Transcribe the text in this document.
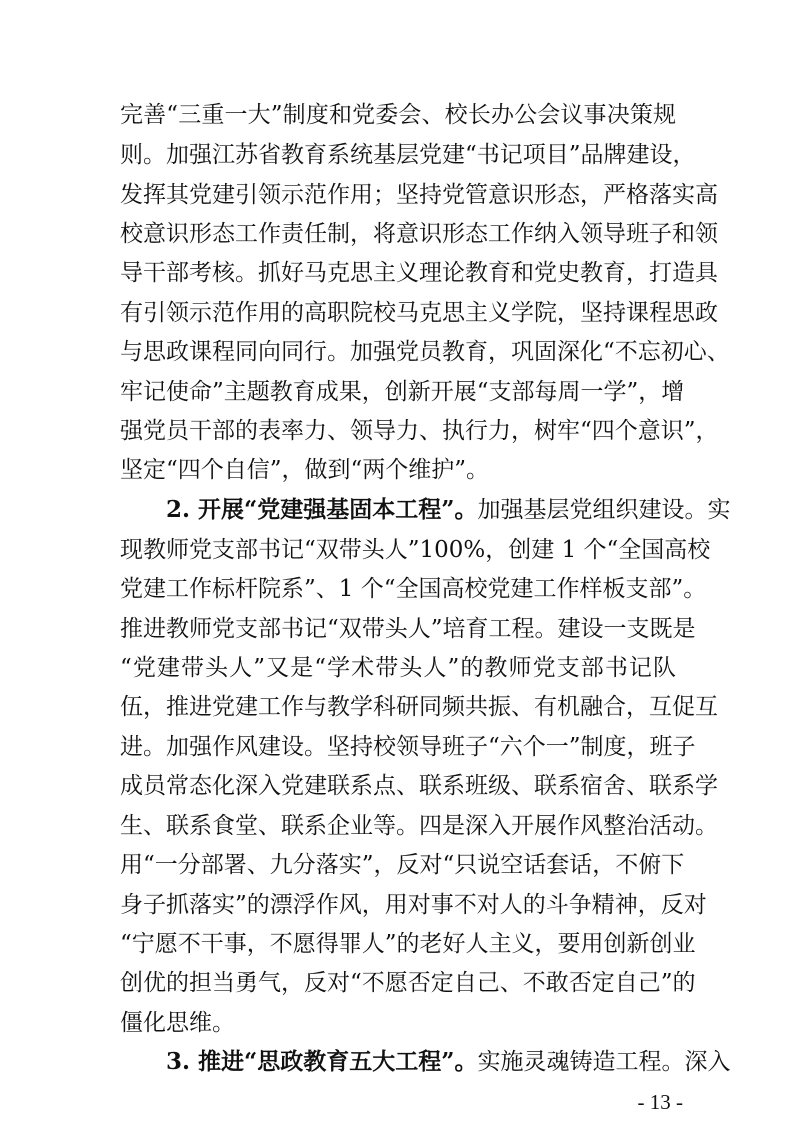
完善“三重一大”制度和党委会、校长办公会议事决策规
则。加强江苏省教育系统基层党建“书记项目”品牌建设，
发挥其党建引领示范作用；坚持党管意识形态，严格落实高
校意识形态工作责任制，将意识形态工作纳入领导班子和领
导干部考核。抓好马克思主义理论教育和党史教育，打造具
有引领示范作用的高职院校马克思主义学院，坚持课程思政
与思政课程同向同行。加强党员教育，巩固深化“不忘初心、
牢记使命”主题教育成果，创新开展“支部每周一学”，增
强党员干部的表率力、领导力、执行力，树牢“四个意识”，
坚定“四个自信”，做到“两个维护”。
2. 开展“党建强基固本工程”。加强基层党组织建设。实
现教师党支部书记“双带头人”100%，创建 1 个“全国高校
党建工作标杆院系”、1 个“全国高校党建工作样板支部”。
推进教师党支部书记“双带头人”培育工程。建设一支既是
“党建带头人”又是“学术带头人”的教师党支部书记队
伍，推进党建工作与教学科研同频共振、有机融合，互促互
进。加强作风建设。坚持校领导班子“六个一”制度，班子
成员常态化深入党建联系点、联系班级、联系宿舍、联系学
生、联系食堂、联系企业等。四是深入开展作风整治活动。
用“一分部署、九分落实”，反对“只说空话套话，不俯下
身子抓落实”的漂浮作风，用对事不对人的斗争精神，反对
“宁愿不干事，不愿得罪人”的老好人主义，要用创新创业
创优的担当勇气，反对“不愿否定自己、不敢否定自己”的
僵化思维。
3. 推进“思政教育五大工程”。实施灵魂铸造工程。深入
- 13 -
